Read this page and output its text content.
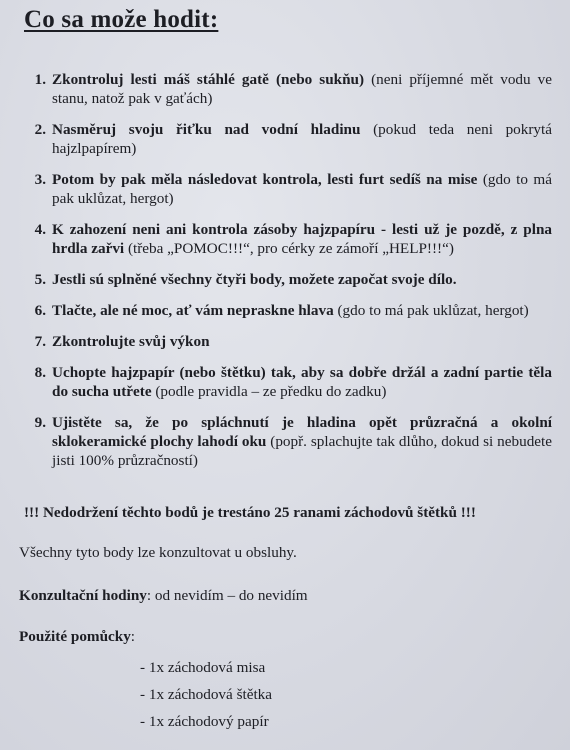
Co sa može hodit:
1. Zkontroluj lesti máš stáhlé gatě (nebo sukňu) (neni příjemné mět vodu ve stanu, natož pak v gaťách)
2. Nasměruj svoju řiťku nad vodní hladinu (pokud teda neni pokrytá hajzlpapírem)
3. Potom by pak měla následovat kontrola, lesti furt sedíš na mise (gdo to má pak uklůzat, hergot)
4. K zahození neni ani kontrola zásoby hajzpapíru - lesti už je pozdě, z plna hrdla zařvi (třeba „POMOC!!!“, pro cérky ze zámoří „HELP!!!“)
5. Jestli sú splněné všechny čtyři body, možete započat svoje dílo.
6. Tlačte, ale né moc, ať vám nepraskne hlava (gdo to má pak uklůzat, hergot)
7. Zkontrolujte svůj výkon
8. Uchopte hajzpapír (nebo štětku) tak, aby sa dobře držál a zadní partie těla do sucha utřete (podle pravidla – ze předku do zadku)
9. Ujistěte sa, že po spláchnutí je hladina opět průzračná a okolní sklokeramické plochy lahodí oku (popř. splachujte tak dlůho, dokud si nebudete jisti 100% průzračností)

!!! Nedodržení těchto bodů je trestáno 25 ranami záchodovů štětků !!!

Všechny tyto body lze konzultovat u obsluhy.

Konzultační hodiny: od nevidím – do nevidím

Použité pomůcky:

- 1x záchodová misa
- 1x záchodová štětka
- 1x záchodový papír
